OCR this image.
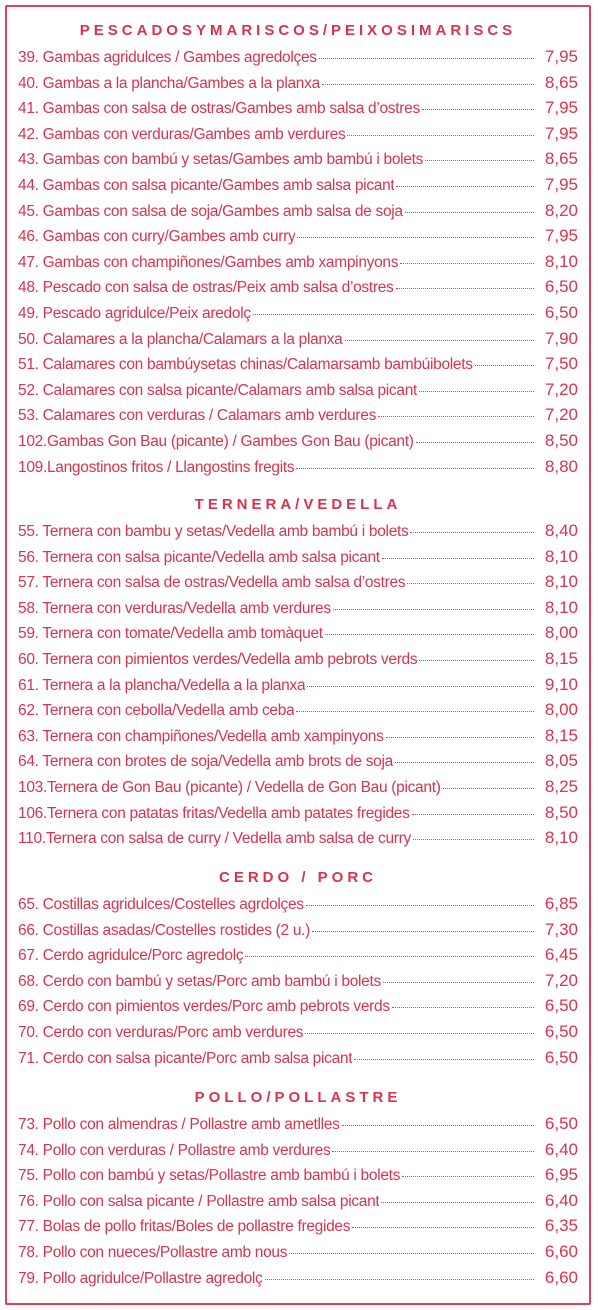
PESCADOSYMARISCOS/PEIXOSIMARISCS
39. Gambas agridulces / Gambes agredolçes	7,95
40. Gambas a la plancha/Gambes a la planxa	8,65
41. Gambas con salsa de ostras/Gambes amb salsa d’ostres	7,95
42. Gambas con verduras/Gambes amb verdures	7,95
43. Gambas con bambú y setas/Gambes amb bambú i bolets	8,65
44. Gambas con salsa picante/Gambes amb salsa picant	7,95
45. Gambas con salsa de soja/Gambes amb salsa de soja	8,20
46. Gambas con curry/Gambes amb curry	7,95
47. Gambas con champiñones/Gambes amb xampinyons	8,10
48. Pescado con salsa de ostras/Peix amb salsa d’ostres	6,50
49. Pescado agridulce/Peix aredolç	6,50
50. Calamares a la plancha/Calamars a la planxa	7,90
51. Calamares con bambúysetas chinas/Calamarsamb bambúibolets	7,50
52. Calamares con salsa picante/Calamars amb salsa picant	7,20
53. Calamares con verduras / Calamars amb verdures	7,20
102.Gambas Gon Bau (picante) / Gambes Gon Bau (picant)	8,50
109.Langostinos fritos / Llangostins fregits	8,80
TERNERA/VEDELLA
55. Ternera con bambu y setas/Vedella amb bambú i bolets	8,40
56. Ternera con salsa picante/Vedella amb salsa picant	8,10
57. Ternera con salsa de ostras/Vedella amb salsa d’ostres	8,10
58. Ternera con verduras/Vedella amb verdures	8,10
59. Ternera con tomate/Vedella amb tomàquet	8,00
60. Ternera con pimientos verdes/Vedella amb pebrots verds	8,15
61. Ternera a la plancha/Vedella a la planxa	9,10
62. Ternera con cebolla/Vedella amb ceba	8,00
63. Ternera con champiñones/Vedella amb xampinyons	8,15
64. Ternera con brotes de soja/Vedella amb brots de soja	8,05
103.Ternera de Gon Bau (picante) / Vedella de Gon Bau (picant)	8,25
106.Ternera con patatas fritas/Vedella amb patates fregides	8,50
110.Ternera con salsa de curry / Vedella amb salsa de curry	8,10
CERDO / PORC
65. Costillas agridulces/Costelles agrdolçes	6,85
66. Costillas asadas/Costelles rostides (2 u.)	7,30
67. Cerdo agridulce/Porc agredolç	6,45
68. Cerdo con bambú y setas/Porc amb bambú i bolets	7,20
69. Cerdo con pimientos verdes/Porc amb pebrots verds	6,50
70. Cerdo con verduras/Porc amb verdures	6,50
71. Cerdo con salsa picante/Porc amb salsa picant	6,50
POLLO/POLLASTRE
73. Pollo con almendras / Pollastre amb ametlles	6,50
74. Pollo con verduras / Pollastre amb verdures	6,40
75. Pollo con bambú y setas/Pollastre amb bambú i bolets	6,95
76. Pollo con salsa picante / Pollastre amb salsa picant	6,40
77. Bolas de pollo fritas/Boles de pollastre fregides	6,35
78. Pollo con nueces/Pollastre amb nous	6,60
79. Pollo agridulce/Pollastre agredolç	6,60
